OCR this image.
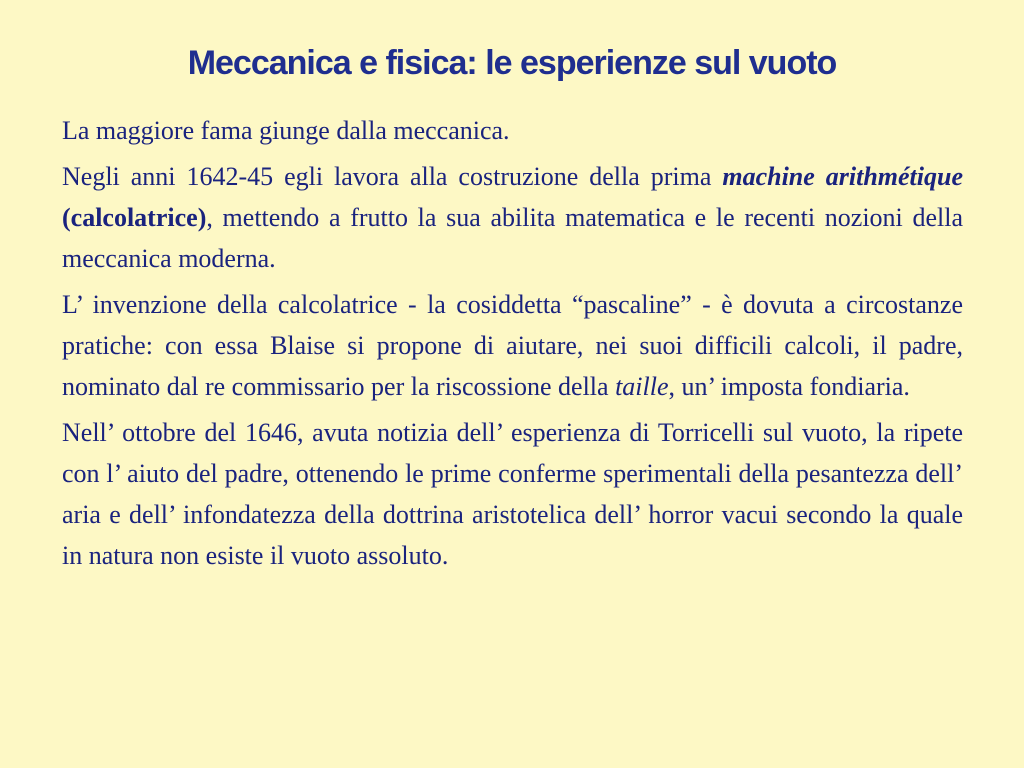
Meccanica e fisica: le esperienze sul vuoto

La maggiore fama giunge dalla meccanica.

Negli anni 1642-45 egli lavora alla costruzione della prima machine arithmétique (calcolatrice), mettendo a frutto la sua abilita matematica e le recenti nozioni della meccanica moderna.

L’ invenzione della calcolatrice - la cosiddetta “pascaline” - è dovuta a circostanze pratiche: con essa Blaise si propone di aiutare, nei suoi difficili calcoli, il padre, nominato dal re commissario per la riscossione della taille, un’ imposta fondiaria.

Nell’ ottobre del 1646, avuta notizia dell’ esperienza di Torricelli sul vuoto, la ripete con l’ aiuto del padre, ottenendo le prime conferme sperimentali della pesantezza dell’ aria e dell’ infondatezza della dottrina aristotelica dell’ horror vacui secondo la quale in natura non esiste il vuoto assoluto.
